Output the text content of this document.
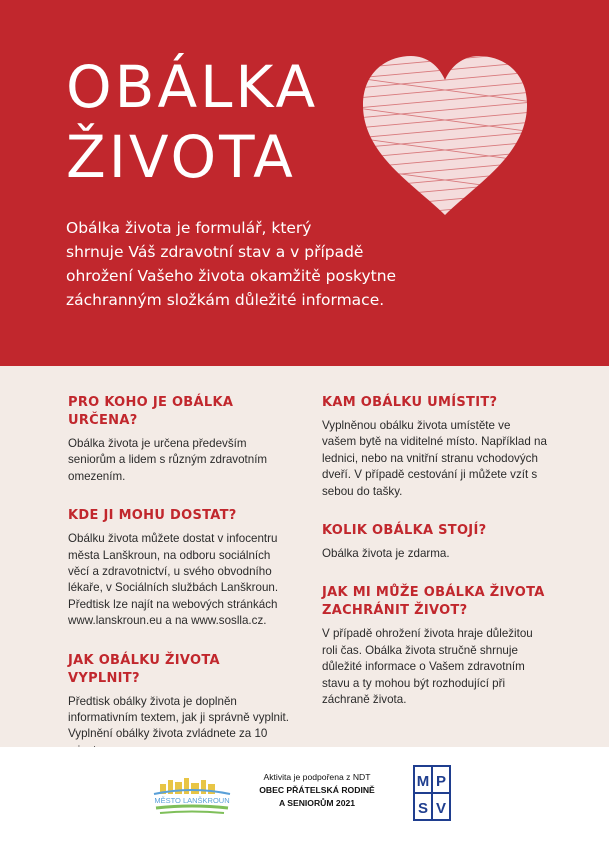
OBÁLKA
ŽIVOTA

Obálka života je formulář, který
shrnuje Váš zdravotní stav a v případě
ohrožení Vašeho života okamžitě poskytne
záchranným složkám důležité informace.

PRO KOHO JE OBÁLKA URČENA?

Obálka života je určena především seniorům a lidem s různým zdravotním omezením.

KDE JI MOHU DOSTAT?

Obálku života můžete dostat v infocentru města Lanškroun, na odboru sociálních věcí a zdravotnictví, u svého obvodního lékaře, v Sociálních službách Lanškroun. Předtisk lze najít na webových stránkách www.lanskroun.eu a na www.soslla.cz.

JAK OBÁLKU ŽIVOTA VYPLNIT?

Předtisk obálky života je doplněn informativním textem, jak ji správně vyplnit. Vyplnění obálky života zvládnete za 10

KAM OBÁLKU UMÍSTIT?

Vyplněnou obálku života umístěte ve vašem bytě na viditelné místo. Například na lednici, nebo na vnitřní stranu vchodových dveří. V případě cestování ji můžete vzít s sebou do tašky.

KOLIK OBÁLKA STOJÍ?

Obálka života je zdarma.

JAK MI MŮŽE OBÁLKA ŽIVOTA ZACHRÁNIT ŽIVOT?

V případě ohrožení života hraje důležitou roli čas. Obálka života stručně shrnuje důležité informace o Vašem zdravotním stavu a ty mohou být rozhodující při záchraně života.

MĚSTO LANŠKROUN
Aktivita je podpořena z NDT
OBEC PŘÁTELSKÁ RODINĚ
A SENIORŮM 2021
M P
S V
